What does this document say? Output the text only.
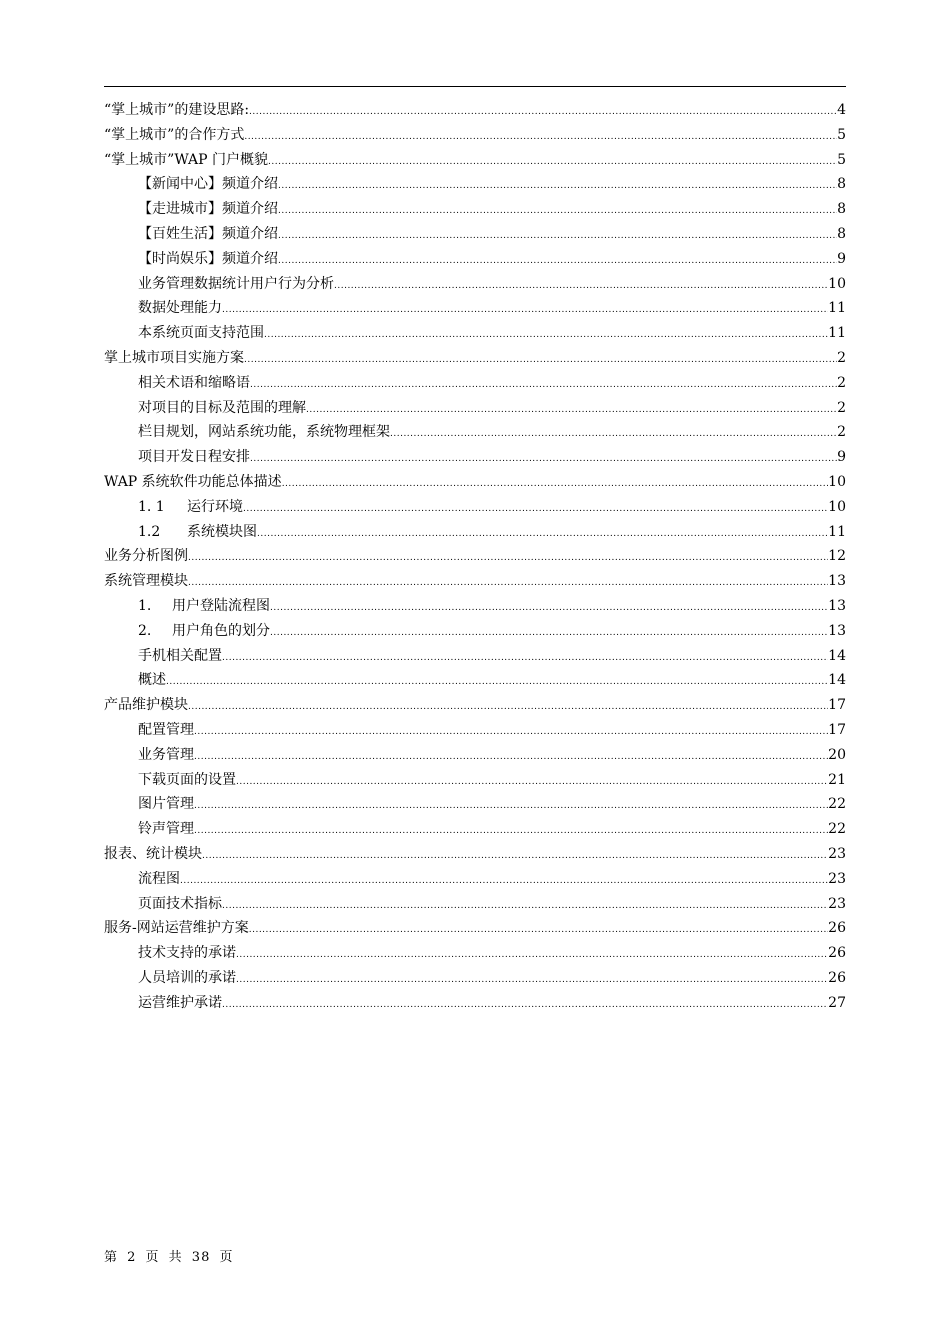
“掌上城市”的建设思路: .....	4
“掌上城市”的合作方式 .....	5
“掌上城市”WAP 门户概貌 .....	5
【新闻中心】频道介绍 .....	8
【走进城市】频道介绍 .....	8
【百姓生活】频道介绍 .....	8
【时尚娱乐】频道介绍 .....	9
业务管理数据统计用户行为分析 .....	10
数据处理能力 .....	11
本系统页面支持范围 .....	11
掌上城市项目实施方案 .....	2
相关术语和缩略语 .....	2
对项目的目标及范围的理解 .....	2
栏目规划，网站系统功能，系统物理框架 .....	2
项目开发日程安排 .....	9
WAP 系统软件功能总体描述 .....	10
1. 1 运行环境 .....	10
1.2 系统模块图 .....	11
业务分析图例 .....	12
系统管理模块 .....	13
1. 用户登陆流程图 .....	13
2. 用户角色的划分 .....	13
手机相关配置 .....	14
概述 .....	14
产品维护模块 .....	17
配置管理 .....	17
业务管理 .....	20
下载页面的设置 .....	21
图片管理 .....	22
铃声管理 .....	22
报表、统计模块 .....	23
流程图 .....	23
页面技术指标 .....	23
服务-网站运营维护方案 .....	26
技术支持的承诺 .....	26
人员培训的承诺 .....	26
运营维护承诺 .....	27
第 2 页 共 38 页
